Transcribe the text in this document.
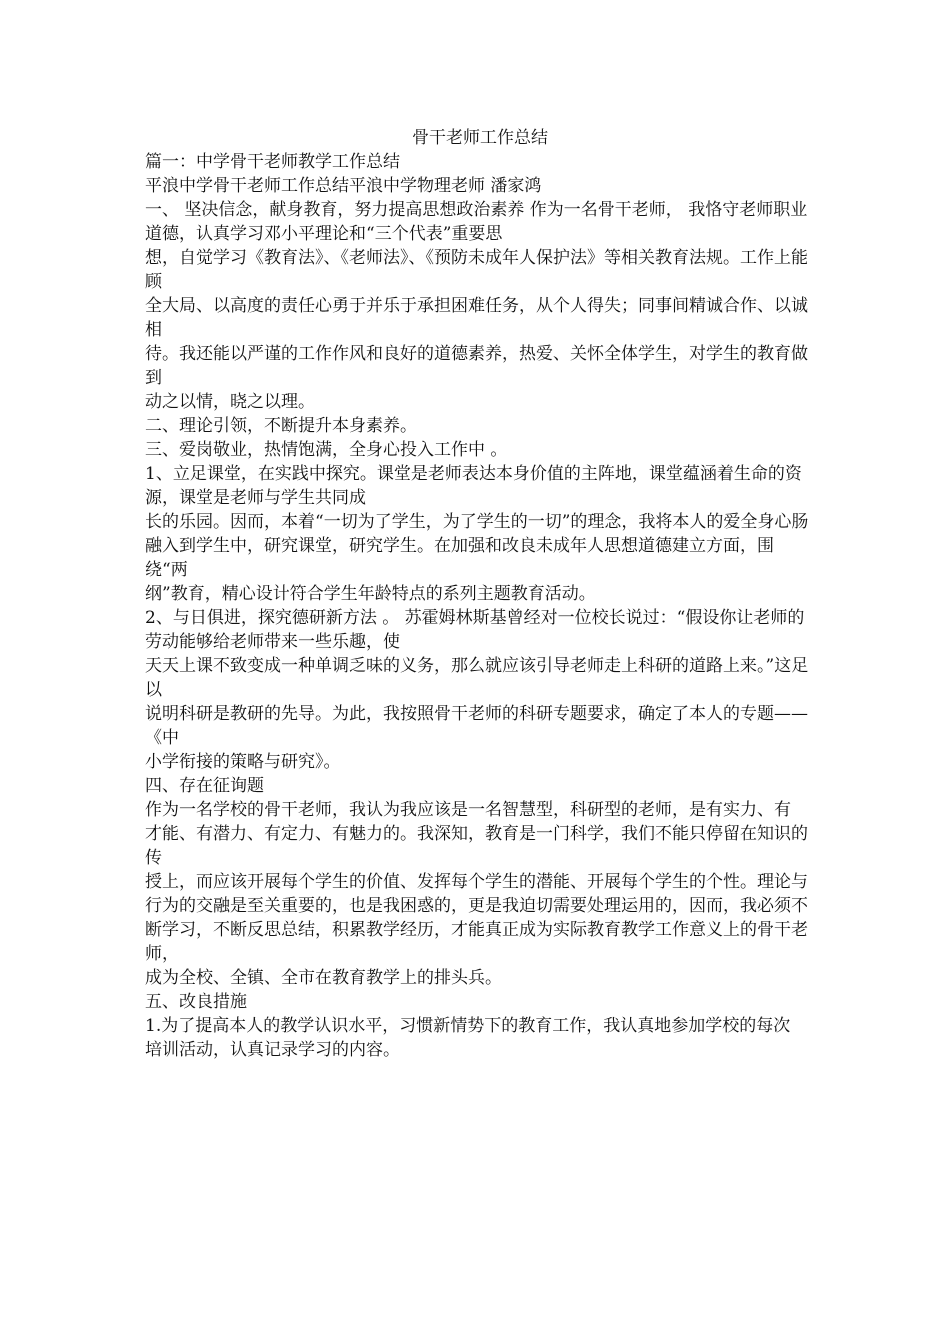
骨干老师工作总结

篇一：中学骨干老师教学工作总结

平浪中学骨干老师工作总结平浪中学物理老师 潘家鸿

一、 坚决信念，献身教育，努力提高思想政治素养 作为一名骨干老师， 我恪守老师职业道德，认真学习邓小平理论和“三个代表”重要思

想，自觉学习《教育法》、《老师法》、《预防未成年人保护法》等相关教育法规。工作上能顾

全大局、以高度的责任心勇于并乐于承担困难任务，从个人得失；同事间精诚合作、以诚相

待。我还能以严谨的工作作风和良好的道德素养，热爱、关怀全体学生，对学生的教育做到

动之以情，晓之以理。

二、理论引领，不断提升本身素养。

三、爱岗敬业，热情饱满，全身心投入工作中 。

1、立足课堂，在实践中探究。课堂是老师表达本身价值的主阵地，课堂蕴涵着生命的资源，课堂是老师与学生共同成

长的乐园。因而，本着“一切为了学生，为了学生的一切”的理念，我将本人的爱全身心肠

融入到学生中，研究课堂，研究学生。在加强和改良未成年人思想道德建立方面，围绕“两

纲”教育，精心设计符合学生年龄特点的系列主题教育活动。

2、与日俱进，探究德研新方法 。 苏霍姆林斯基曾经对一位校长说过：“假设你让老师的劳动能够给老师带来一些乐趣，使

天天上课不致变成一种单调乏味的义务，那么就应该引导老师走上科研的道路上来。”这足以

说明科研是教研的先导。为此，我按照骨干老师的科研专题要求，确定了本人的专题—— 《中

小学衔接的策略与研究》。

四、存在征询题

作为一名学校的骨干老师，我认为我应该是一名智慧型，科研型的老师，是有实力、有

才能、有潜力、有定力、有魅力的。我深知，教育是一门科学，我们不能只停留在知识的传

授上，而应该开展每个学生的价值、发挥每个学生的潜能、开展每个学生的个性。理论与行为的交融是至关重要的，也是我困惑的，更是我迫切需要处理运用的，因而，我必须不

断学习，不断反思总结，积累教学经历，才能真正成为实际教育教学工作意义上的骨干老师，

成为全校、全镇、全市在教育教学上的排头兵。

五、改良措施

1.为了提高本人的教学认识水平，习惯新情势下的教育工作，我认真地参加学校的每次

培训活动，认真记录学习的内容。
